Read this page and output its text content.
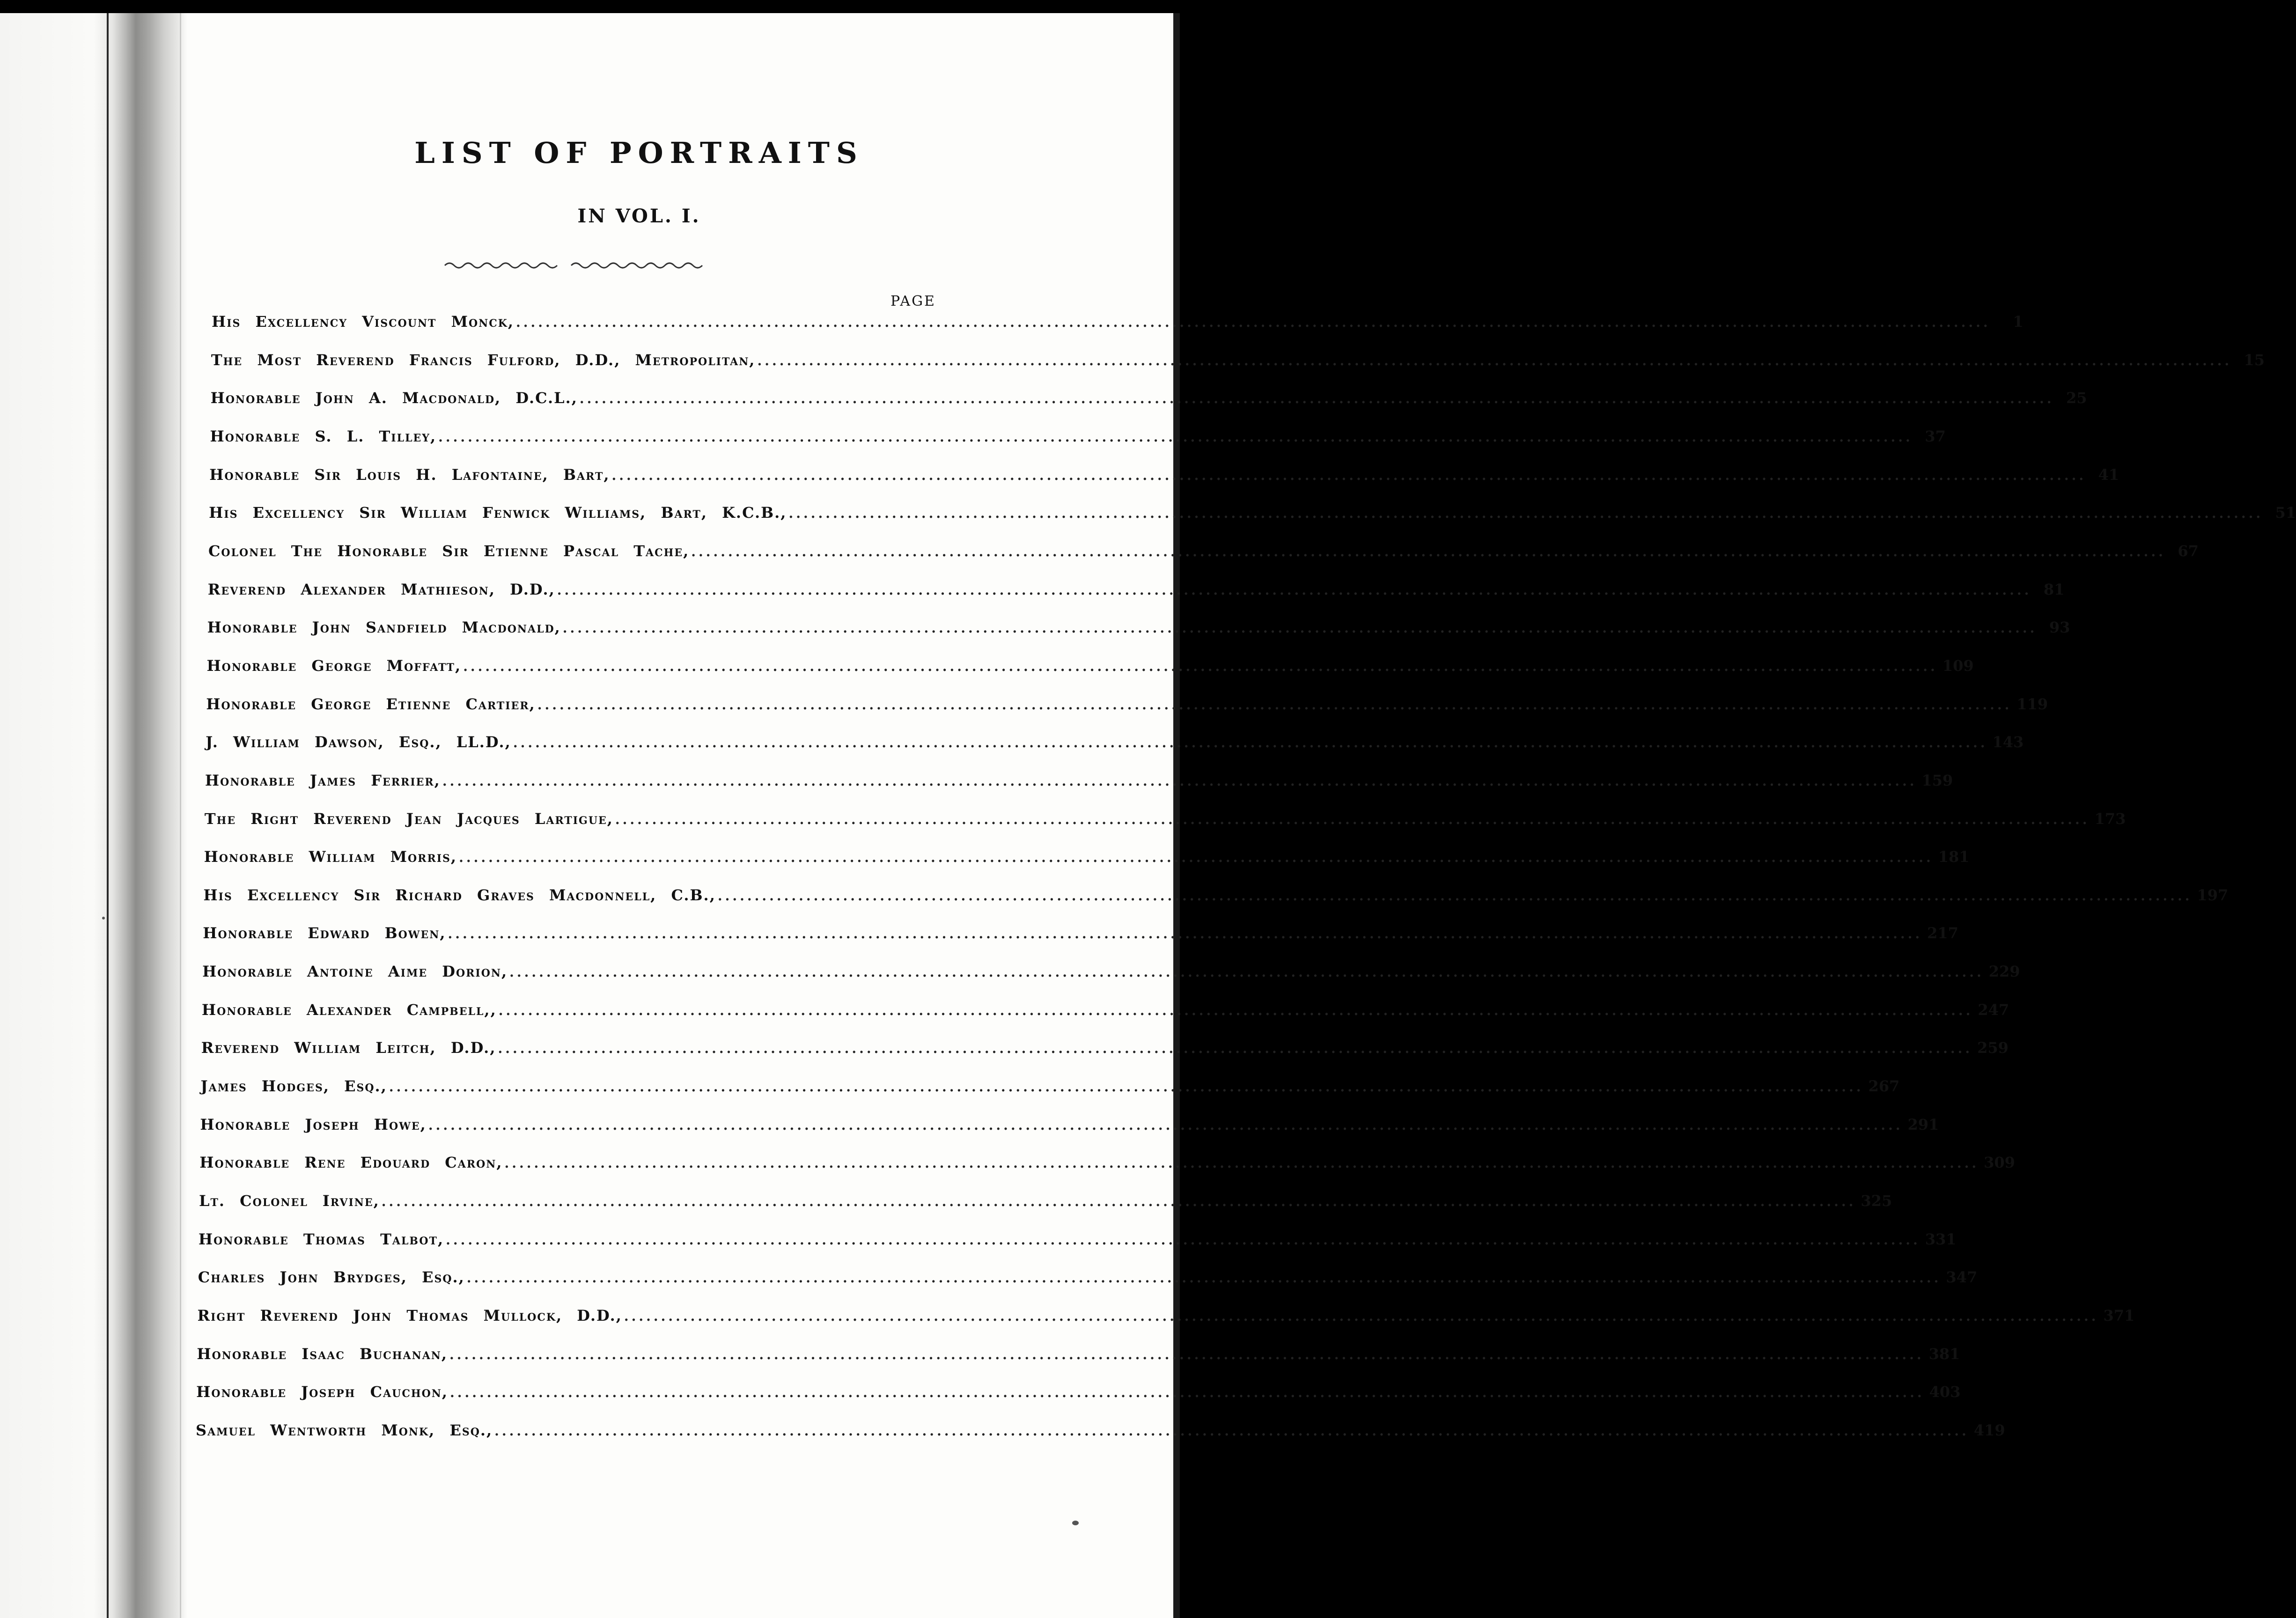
LIST OF PORTRAITS
IN VOL. I.
PAGE
His Excellency Viscount Monck, ........................................................................................................................................................................................................	1
The Most Reverend Francis Fulford, D.D., Metropolitan, ........................................................................................................................................................................................................ 15
Honorable John A. Macdonald, D.C.L., ........................................................................................................................................................................................................ 25
Honorable S. L. Tilley, ........................................................................................................................................................................................................ 37
Honorable Sir Louis H. Lafontaine, Bart, ........................................................................................................................................................................................................ 41
His Excellency Sir William Fenwick Williams, Bart, K.C.B., ........................................................................................................................................................................................................ 51
Colonel The Honorable Sir Etienne Pascal Tache, ........................................................................................................................................................................................................ 67
Reverend Alexander Mathieson, D.D., ........................................................................................................................................................................................................ 81
Honorable John Sandfield Macdonald, ........................................................................................................................................................................................................ 93
Honorable George Moffatt, ........................................................................................................................................................................................................ 109
Honorable George Etienne Cartier, ........................................................................................................................................................................................................ 119
J. William Dawson, Esq., LL.D., ........................................................................................................................................................................................................ 143
Honorable James Ferrier, ........................................................................................................................................................................................................ 159
The Right Reverend Jean Jacques Lartigue, ........................................................................................................................................................................................................ 173
Honorable William Morris, ........................................................................................................................................................................................................ 181
His Excellency Sir Richard Graves Macdonnell, C.B., ........................................................................................................................................................................................................ 197
Honorable Edward Bowen, ........................................................................................................................................................................................................ 217
Honorable Antoine Aime Dorion, ........................................................................................................................................................................................................ 229
Honorable Alexander Campbell,, ........................................................................................................................................................................................................ 247
Reverend William Leitch, D.D., ........................................................................................................................................................................................................ 259
James Hodges, Esq., ........................................................................................................................................................................................................ 267
Honorable Joseph Howe, ........................................................................................................................................................................................................ 291
Honorable Rene Edouard Caron, ........................................................................................................................................................................................................ 309
Lt. Colonel Irvine, ........................................................................................................................................................................................................ 325
Honorable Thomas Talbot, ........................................................................................................................................................................................................ 331
Charles John Brydges, Esq., ........................................................................................................................................................................................................ 347
Right Reverend John Thomas Mullock, D.D., ........................................................................................................................................................................................................ 371
Honorable Isaac Buchanan, ........................................................................................................................................................................................................ 381
Honorable Joseph Cauchon, ........................................................................................................................................................................................................ 403
Samuel Wentworth Monk, Esq., ........................................................................................................................................................................................................ 419
